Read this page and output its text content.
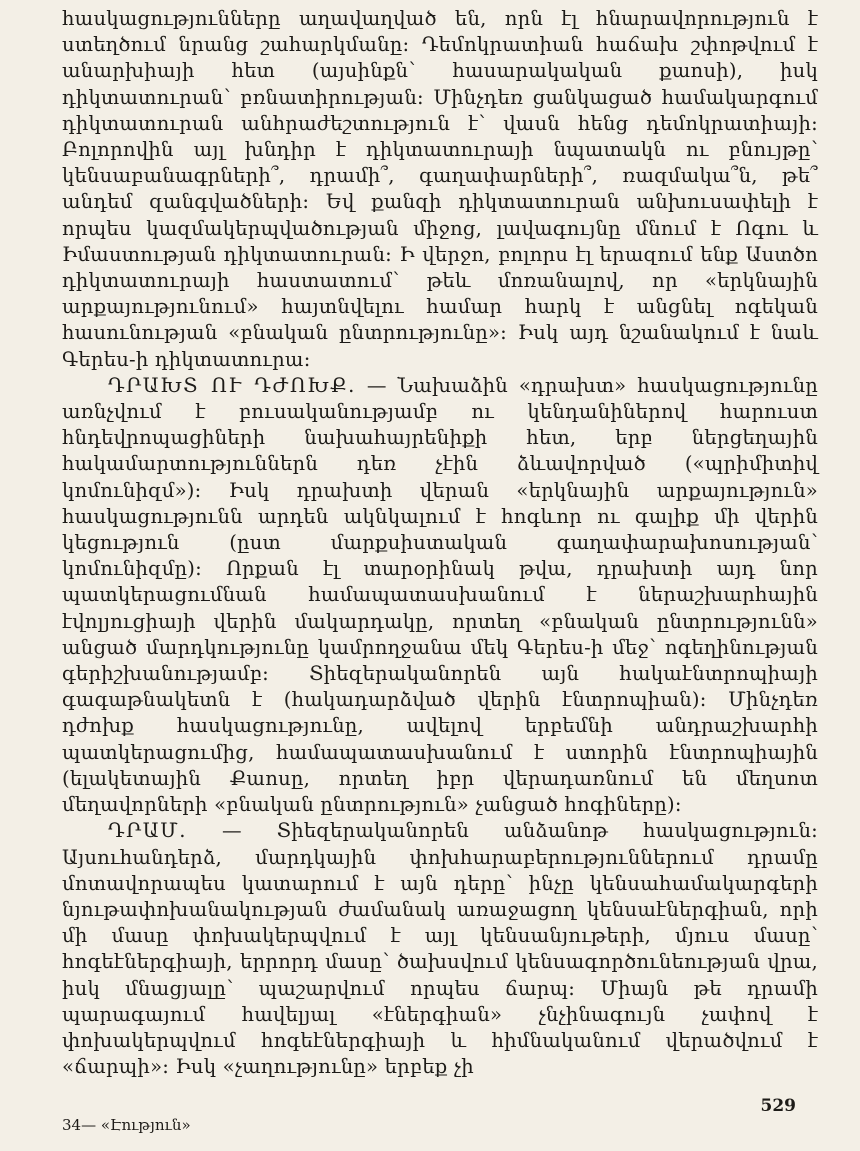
հասկացությունները աղավաղված են, որն էլ հնարավորություն է ստեղծում նրանց շահարկմանը։ Դեմոկրատիան հաճախ շփոթվում է անարխիայի հետ (այսինքն՝ հասարակական քաոսի), իսկ դիկտատուրան՝ բռնատիրության։ Մինչդեռ ցանկացած համակարգում դիկտատուրան անհրաժեշտություն է՝ վասն հենց դեմոկրատիայի։ Բոլորովին այլ խնդիր է դիկտատուրայի նպատակն ու բնույթը՝ կենսաբանագրների՞, դրամի՞, գաղափարների՞, ռազմակա՞ն, թե՞ անդեմ զանգվածների։ Եվ քանզի դիկտատուրան անխուսափելի է որպես կազմակերպվածության միջոց, լավագույնը մնում է Ոգու և Իմաստության դիկտատուրան։ Ի վերջո, բոլորս էլ երազում ենք Աստծո դիկտատուրայի հաստատում՝ թեև մոռանալով, որ «երկնային արքայությունում» հայտնվելու համար հարկ է անցնել ոգեկան հասունության «բնական ընտրությունը»։ Իսկ այդ նշանակում է նաև Գերես-ի դիկտատուրա։

ԴՐԱԽՏ ՈՒ ԴԺՈԽՔ. — Նախաձին «դրախտ» հասկացությունը առնչվում է բուսականությամբ ու կենդանիներով հարուստ հնդեվրոպացիների նախահայրենիքի հետ, երբ ներցեղային հակամարտություններն դեռ չէին ձևավորված («պրիմիտիվ կոմունիզմ»)։ Իսկ դրախտի վերան «երկնային արքայություն» հասկացությունն արդեն ակնկալում է հոգևոր ու գալիք մի վերին կեցություն (ըստ մարքսիստական գաղափարախոսության՝ կոմունիզմը)։ Որքան էլ տարօրինակ թվա, դրախտի այդ նոր պատկերացումնան համապատասխանում է ներաշխարհային էվոլյուցիայի վերին մակարդակը, որտեղ «բնական ընտրությունն» անցած մարդկությունը կամրողջանա մեկ Գերես-ի մեջ՝ ոգեղինության գերիշխանությամբ։ Տիեզերականորեն այն հակաէնտրոպիայի գագաթնակետն է (հակադարձված վերին էնտրոպիան)։ Մինչդեռ դժոխք հասկացությունը, ավելով երբեմնի անդրաշխարհի պատկերացումից, համապատասխանում է ստորին էնտրոպիային (ելակետային Քաոսը, որտեղ իբր վերադառնում են մեղսոտ մեղավորների «բնական ընտրություն» չանցած հոգիները)։

ԴՐԱՄ. — Տիեզերականորեն անձանոթ հասկացություն։ Այսուհանդերձ, մարդկային փոխհարաբերություններում դրամը մոտավորապես կատարում է այն դերը՝ ինչը կենսահամակարգերի նյութափոխանակության ժամանակ առաջացող կենսաէներգիան, որի մի մասը փոխակերպվում է այլ կենսանյութերի, մյուս մասը՝ հոգեէներգիայի, երրորդ մասը՝ ծախսվում կենսագործունեության վրա, իսկ մնացյալը՝ պաշարվում որպես ճարպ։ Միայն թե դրամի պարագայում հավելյալ «էներգիան» չնչինագույն չափով է փոխակերպվում հոգեէներգիայի և հիմնականում վերածվում է «ճարպի»։ Իսկ «չաղությունը» երբեք չի

529
34— «Էություն»
